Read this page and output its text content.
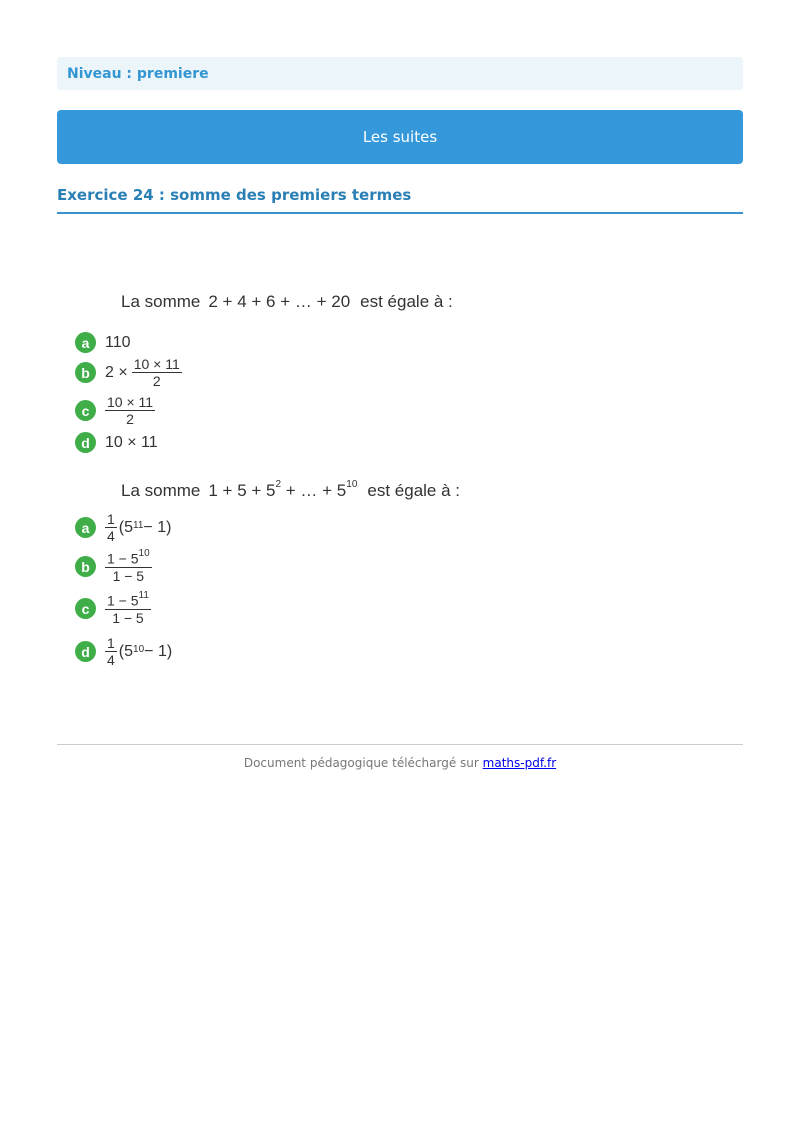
Niveau : premiere
Les suites
Exercice 24 : somme des premiers termes
La somme 2 + 4 + 6 + … + 20 est égale à :
a 110
b $2 \times \frac{10 \times 11}{2}$
c	$\frac{10 \times 11}{2}$
d 10 × 11
La somme $1 + 5 + 5^2$ + … + $5^{10}$ est égale à :
a	$\frac{1}{4} (5^{11} - 1)$
b	$\frac{1 - 5^{10}}{1 - 5}$
c	$\frac{1 - 5^{11}}{1 - 5}$
d	$\frac{1}{4} (5^{10} - 1)$
Document pédagogique téléchargé sur maths-pdf.fr
